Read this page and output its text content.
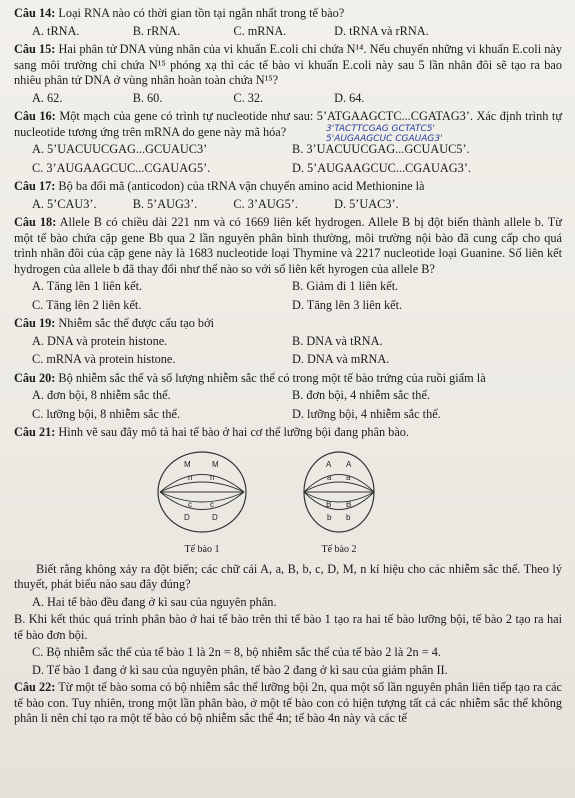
Câu 14: Loại RNA nào có thời gian tồn tại ngắn nhất trong tế bào?
A. tRNA.	B. rRNA.	C. mRNA.	D. tRNA và rRNA.
Câu 15: Hai phân tử DNA vùng nhân của vi khuẩn E.coli chỉ chứa N¹⁴. Nếu chuyển những vi khuẩn E.coli này sang môi trường chỉ chứa N¹⁵ phóng xạ thì các tế bào vi khuẩn E.coli này sau 5 lần nhân đôi sẽ tạo ra bao nhiêu phân tử DNA ở vùng nhân hoàn toàn chứa N¹⁵?
A. 62.	B. 60.	C. 32.	D. 64.
Câu 16: Một mạch của gene có trình tự nucleotide như sau: 5’ATGAAGCTC...CGATAG3’. Xác định trình tự nucleotide tương ứng trên mRNA do gene này mã hóa?	3'TACTTCGAG GCTATC5'
5'AUGAAGCUC CGAUAG3'
A. 5’UACUUCGAG...GCUAUC3’	B. 3’UACUUCGAG...GCUAUC5’.
C. 3’AUGAAGCUC...CGAUAG5’.	D. 5’AUGAAGCUC...CGAUAG3’.
Câu 17: Bộ ba đối mã (anticodon) của tRNA vận chuyển amino acid Methionine là
A. 5’CAU3’.	B. 5’AUG3’.	C. 3’AUG5’.	D. 5’UAC3’.
Câu 18: Allele B có chiều dài 221 nm và có 1669 liên kết hydrogen. Allele B bị đột biến thành allele b. Từ một tế bào chứa cặp gene Bb qua 2 lần nguyên phân bình thường, môi trường nội bào đã cung cấp cho quá trình nhân đôi của cặp gene này là 1683 nucleotide loại Thymine và 2217 nucleotide loại Guanine. Số liên kết hydrogen của allele b đã thay đổi như thế nào so với số liên kết hyrogen của allele B?
A. Tăng lên 1 liên kết.	B. Giảm đi 1 liên kết.
C. Tăng lên 2 liên kết.	D. Tăng lên 3 liên kết.
Câu 19: Nhiễm sắc thể được cấu tạo bởi
A. DNA và protein histone.	B. DNA và tRNA.
C. mRNA và protein histone.	D. DNA và mRNA.
Câu 20: Bộ nhiễm sắc thể và số lượng nhiễm sắc thể có trong một tế bào trứng của ruồi giấm là
A. đơn bội, 8 nhiễm sắc thể.	B. đơn bội, 4 nhiễm sắc thể.
C. lưỡng bội, 8 nhiễm sắc thể.	D. lưỡng bội, 4 nhiễm sắc thể.
Câu 21: Hình vẽ sau đây mô tả hai tế bào ở hai cơ thể lưỡng bội đang phân bào.
M	M
n n
c c
D	D
Tế bào 1
A A
a a
B B
b b
Tế bào 2
Biết rằng không xảy ra đột biến; các chữ cái A, a, B, b, c, D, M, n kí hiệu cho các nhiễm sắc thể. Theo lý thuyết, phát biểu nào sau đây đúng?
A. Hai tế bào đều đang ở kì sau của nguyên phân.
B. Khi kết thúc quá trình phân bào ở hai tế bào trên thì tế bào 1 tạo ra hai tế bào lưỡng bội, tế bào 2 tạo ra hai tế bào đơn bội.
C. Bộ nhiễm sắc thể của tế bào 1 là 2n = 8, bộ nhiễm sắc thể của tế bào 2 là 2n = 4.
D. Tế bào 1 đang ở kì sau của nguyên phân, tế bào 2 đang ở kì sau của giảm phân II.
Câu 22: Từ một tế bào soma có bộ nhiễm sắc thể lưỡng bội 2n, qua một số lần nguyên phân liên tiếp tạo ra các tế bào con. Tuy nhiên, trong một lần phân bào, ở một tế bào con có hiện tượng tất cả các nhiễm sắc thể không phân li nên chỉ tạo ra một tế bào có bộ nhiễm sắc thể 4n; tế bào 4n này và các tế
